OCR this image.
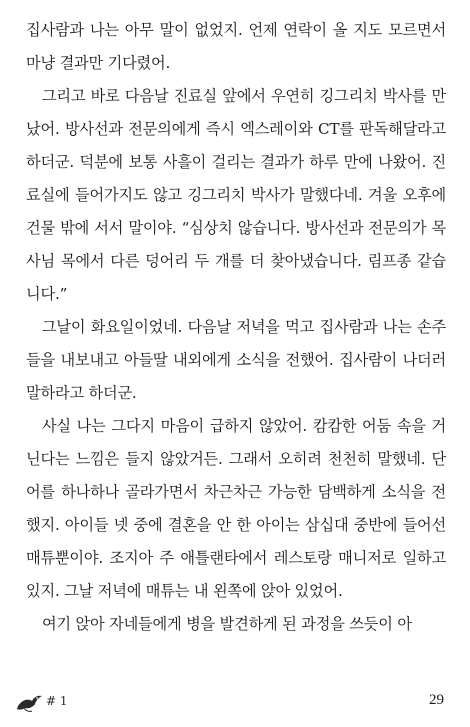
집사람과 나는 아무 말이 없었지. 언제 연락이 올 지도 모르면서 마냥 결과만 기다렸어.

그리고 바로 다음날 진료실 앞에서 우연히 깅그리치 박사를 만났어. 방사선과 전문의에게 즉시 엑스레이와 CT를 판독해달라고 하더군. 덕분에 보통 사흘이 걸리는 결과가 하루 만에 나왔어. 진료실에 들어가지도 않고 깅그리치 박사가 말했다네. 겨울 오후에 건물 밖에 서서 말이야. “심상치 않습니다. 방사선과 전문의가 목사님 목에서 다른 덩어리 두 개를 더 찾아냈습니다. 림프종 같습니다.”

그날이 화요일이었네. 다음날 저녁을 먹고 집사람과 나는 손주들을 내보내고 아들딸 내외에게 소식을 전했어. 집사람이 나더러 말하라고 하더군.

사실 나는 그다지 마음이 급하지 않았어. 캄캄한 어둠 속을 거닌다는 느낌은 들지 않았거든. 그래서 오히려 천천히 말했네. 단어를 하나하나 골라가면서 차근차근 가능한 담백하게 소식을 전했지. 아이들 넷 중에 결혼을 안 한 아이는 삼십대 중반에 들어선 매튜뿐이야. 조지아 주 애틀랜타에서 레스토랑 매니저로 일하고 있지. 그날 저녁에 매튜는 내 왼쪽에 앉아 있었어.

여기 앉아 자네들에게 병을 발견하게 된 과정을 쓰듯이 아

# 1	29
